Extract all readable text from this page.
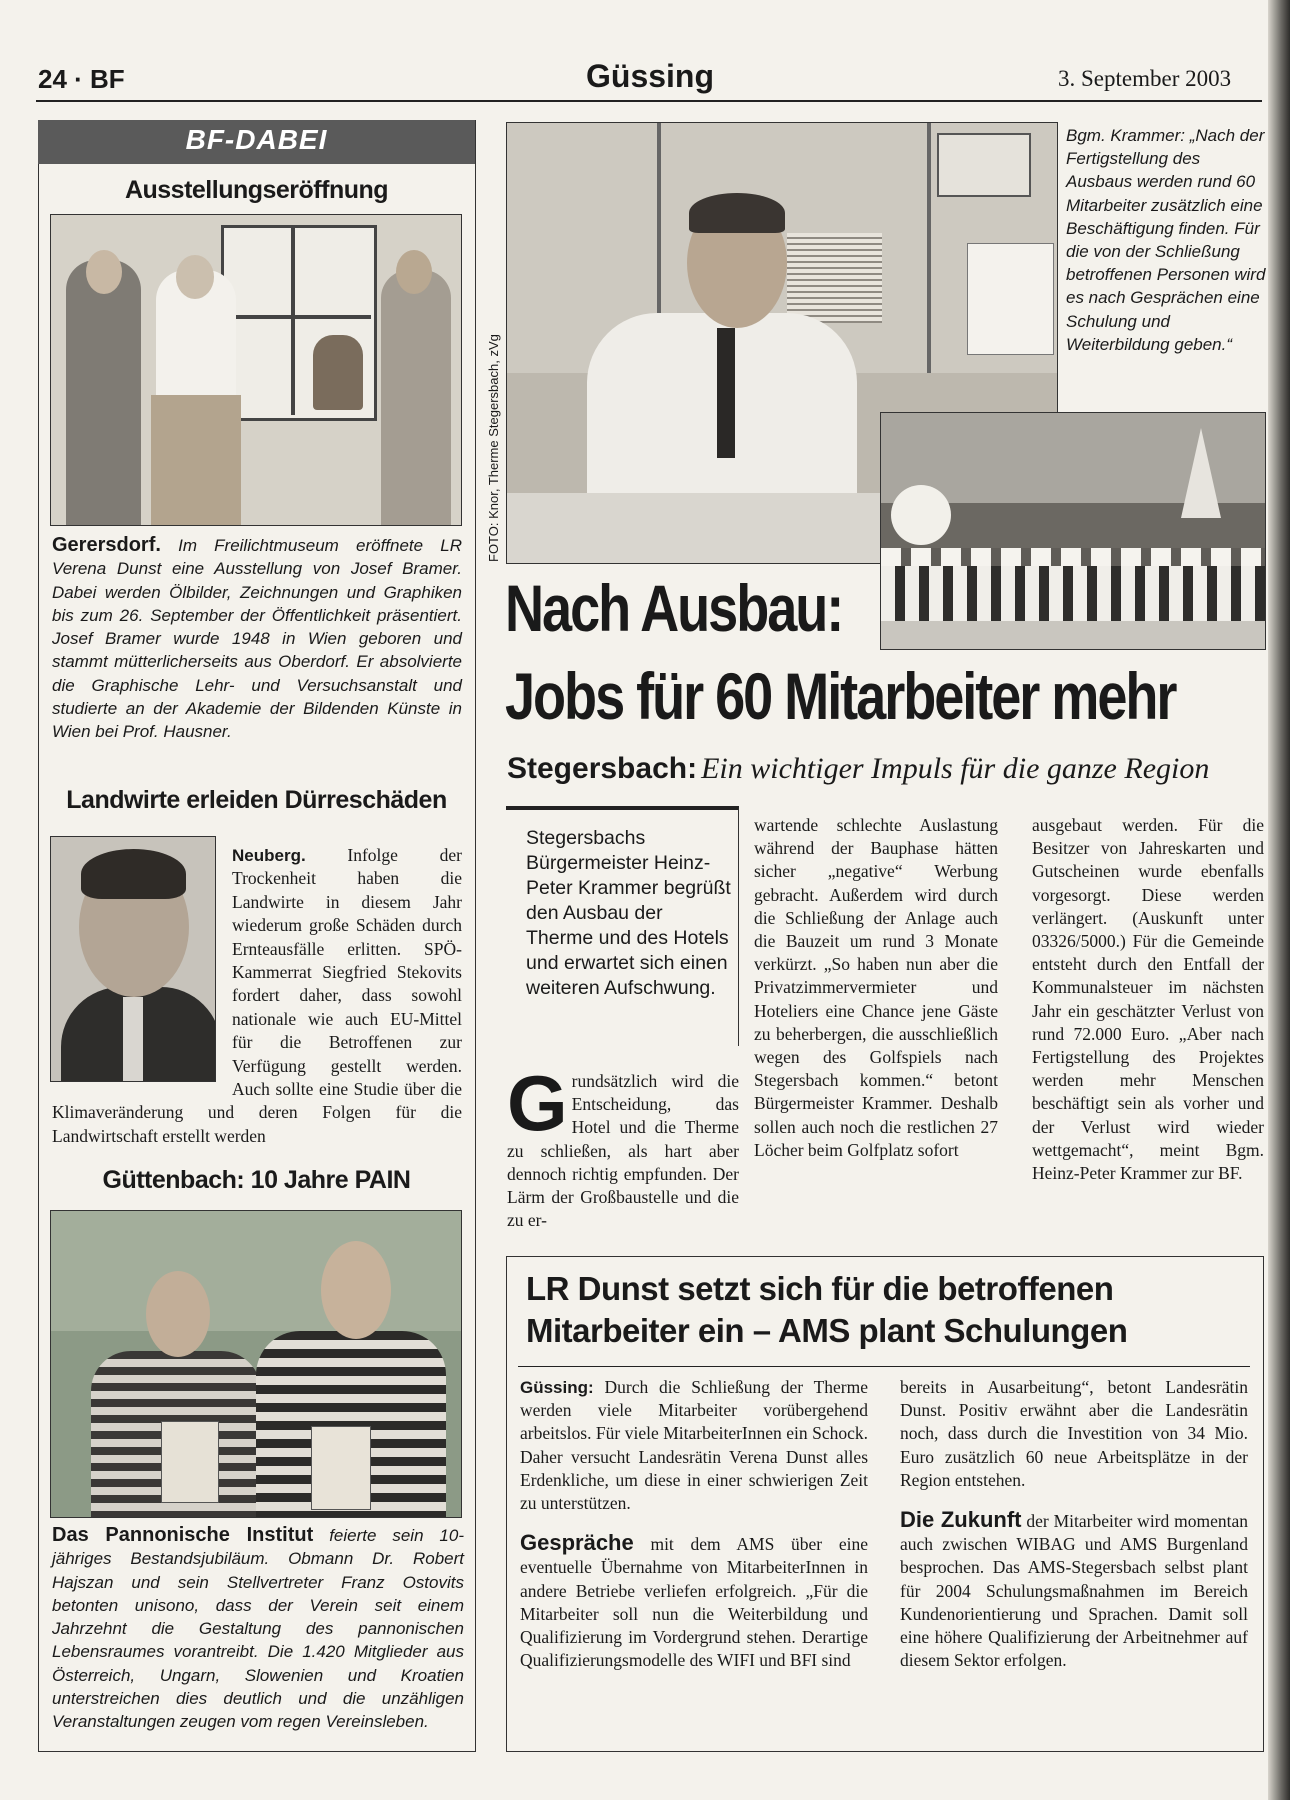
24 · BF	Güssing	3. September 2003
BF-DABEI
Ausstellungseröffnung

Gerersdorf. Im Freilichtmuseum eröffnete LR Verena Dunst eine Ausstellung von Josef Bramer. Dabei werden Ölbilder, Zeichnungen und Graphiken bis zum 26. September der Öffentlichkeit präsentiert. Josef Bramer wurde 1948 in Wien geboren und stammt mütterlicherseits aus Oberdorf. Er absolvierte die Graphische Lehr- und Versuchsanstalt und studierte an der Akademie der Bildenden Künste in Wien bei Prof. Hausner.

Landwirte erleiden Dürreschäden

Neuberg. Infolge der Trockenheit haben die Landwirte in diesem Jahr wiederum große Schäden durch Ernteausfälle erlitten. SPÖ-Kammerrat Siegfried Stekovits fordert daher, dass sowohl nationale wie auch EU-Mittel für die Betroffenen zur Verfügung gestellt werden. Auch sollte eine Studie über die Klimaveränderung und deren Folgen für die Landwirtschaft erstellt werden

Güttenbach: 10 Jahre PAIN

Das Pannonische Institut feierte sein 10-jähriges Bestandsjubiläum. Obmann Dr. Robert Hajszan und sein Stellvertreter Franz Ostovits betonten unisono, dass der Verein seit einem Jahrzehnt die Gestaltung des pannonischen Lebensraumes vorantreibt. Die 1.420 Mitglieder aus Österreich, Ungarn, Slowenien und Kroatien unterstreichen dies deutlich und die unzähligen Veranstaltungen zeugen vom regen Vereinsleben.

FOTO: Knor, Therme Stegersbach, zVg

Bgm. Krammer: „Nach der Fertigstellung des Ausbaus werden rund 60 Mitarbeiter zusätzlich eine Beschäftigung finden. Für die von der Schließung betroffenen Personen wird es nach Gesprächen eine Schulung und Weiterbildung geben.“

Nach Ausbau:
Jobs für 60 Mitarbeiter mehr
Stegersbach: Ein wichtiger Impuls für die ganze Region

Stegersbachs Bürgermeister Heinz-Peter Krammer begrüßt den Ausbau der Therme und des Hotels und erwartet sich einen weiteren Aufschwung.

Grundsätzlich wird die Entscheidung, das Hotel und die Therme zu schließen, als hart aber dennoch richtig empfunden. Der Lärm der Großbaustelle und die zu er-

wartende schlechte Auslastung während der Bauphase hätten sicher „negative“ Werbung gebracht. Außerdem wird durch die Schließung der Anlage auch die Bauzeit um rund 3 Monate verkürzt. „So haben nun aber die Privatzimmervermieter und Hoteliers eine Chance jene Gäste zu beherbergen, die ausschließlich wegen des Golfspiels nach Stegersbach kommen.“ betont Bürgermeister Krammer. Deshalb sollen auch noch die restlichen 27 Löcher beim Golfplatz sofort

ausgebaut werden. Für die Besitzer von Jahreskarten und Gutscheinen wurde ebenfalls vorgesorgt. Diese werden verlängert. (Auskunft unter 03326/5000.) Für die Gemeinde entsteht durch den Entfall der Kommunalsteuer im nächsten Jahr ein geschätzter Verlust von rund 72.000 Euro. „Aber nach Fertigstellung des Projektes werden mehr Menschen beschäftigt sein als vorher und der Verlust wird wieder wettgemacht“, meint Bgm. Heinz-Peter Krammer zur BF.

LR Dunst setzt sich für die betroffenen
Mitarbeiter ein – AMS plant Schulungen

Güssing: Durch die Schließung der Therme werden viele Mitarbeiter vorübergehend arbeitslos. Für viele MitarbeiterInnen ein Schock. Daher versucht Landesrätin Verena Dunst alles Erdenkliche, um diese in einer schwierigen Zeit zu unterstützen.

Gespräche mit dem AMS über eine eventuelle Übernahme von MitarbeiterInnen in andere Betriebe verliefen erfolgreich. „Für die Mitarbeiter soll nun die Weiterbildung und Qualifizierung im Vordergrund stehen. Derartige Qualifizierungsmodelle des WIFI und BFI sind

bereits in Ausarbeitung“, betont Landesrätin Dunst. Positiv erwähnt aber die Landesrätin noch, dass durch die Investition von 34 Mio. Euro zusätzlich 60 neue Arbeitsplätze in der Region entstehen.

Die Zukunft der Mitarbeiter wird momentan auch zwischen WIBAG und AMS Burgenland besprochen. Das AMS-Stegersbach selbst plant für 2004 Schulungsmaßnahmen im Bereich Kundenorientierung und Sprachen. Damit soll eine höhere Qualifizierung der Arbeitnehmer auf diesem Sektor erfolgen.
